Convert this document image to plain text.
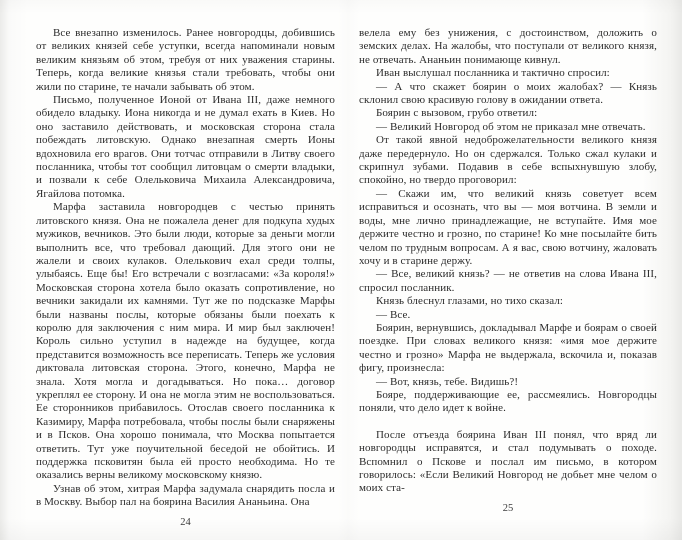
Все внезапно изменилось. Ранее новгородцы, добившись от великих князей себе уступки, всегда напоминали новым великим князьям об этом, требуя от них уважения старины. Теперь, когда великие князья стали требовать, чтобы они жили по старине, те начали забывать об этом.

Письмо, полученное Ионой от Ивана III, даже немного обидело владыку. Иона никогда и не думал ехать в Киев. Но оно заставило действовать, и московская сторона стала побеждать литовскую. Однако внезапная смерть Ионы вдохновила его врагов. Они тотчас отправили в Литву своего посланника, чтобы тот сообщил литовцам о смерти владыки, и позвали к себе Олельковича Михаила Александровича, Ягайлова потомка.

Марфа заставила новгородцев с честью принять литовского князя. Она не пожалела денег для подкупа худых мужиков, вечников. Это были люди, которые за деньги могли выполнить все, что требовал дающий. Для этого они не жалели и своих кулаков. Олелькович ехал среди толпы, улыбаясь. Еще бы! Его встречали с возгласами: «За короля!» Московская сторона хотела было оказать сопротивление, но вечники закидали их камнями. Тут же по подсказке Марфы были названы послы, которые обязаны были поехать к королю для заключения с ним мира. И мир был заключен! Король сильно уступил в надежде на будущее, когда представится возможность все переписать. Теперь же условия диктовала литовская сторона. Этого, конечно, Марфа не знала. Хотя могла и догадываться. Но пока… договор укреплял ее сторону. И она не могла этим не воспользоваться. Ее сторонников прибавилось. Отослав своего посланника к Казимиру, Марфа потребовала, чтобы послы были снаряжены и в Псков. Она хорошо понимала, что Москва попытается ответить. Тут уже поучительной беседой не обойтись. И поддержка псковитян была ей просто необходима. Но те оказались верны великому московскому князю.

Узнав об этом, хитрая Марфа задумала снарядить посла и в Москву. Выбор пал на боярина Василия Ананьина. Она

24

велела ему без унижения, с достоинством, доложить о земских делах. На жалобы, что поступали от великого князя, не отвечать. Ананьин понимающе кивнул.

Иван выслушал посланника и тактично спросил:

— А что скажет боярин о моих жалобах? — Князь склонил свою красивую голову в ожидании ответа.

Боярин с вызовом, грубо ответил:

— Великий Новгород об этом не приказал мне отвечать.

От такой явной недоброжелательности великого князя даже передернуло. Но он сдержался. Только сжал кулаки и скрипнул зубами. Подавив в себе вспыхнувшую злобу, спокойно, но твердо проговорил:

— Скажи им, что великий князь советует всем исправиться и осознать, что вы — моя вотчина. В земли и воды, мне лично принадлежащие, не вступайте. Имя мое держите честно и грозно, по старине! Ко мне посылайте бить челом по трудным вопросам. А я вас, свою вотчину, жаловать хочу и в старине держу.

— Все, великий князь? — не ответив на слова Ивана III, спросил посланник.

Князь блеснул глазами, но тихо сказал:

— Все.

Боярин, вернувшись, докладывал Марфе и боярам о своей поездке. При словах великого князя: «имя мое держите честно и грозно» Марфа не выдержала, вскочила и, показав фигу, произнесла:

— Вот, князь, тебе. Видишь?!

Бояре, поддерживающие ее, рассмеялись. Новгородцы поняли, что дело идет к войне.

После отъезда боярина Иван III понял, что вряд ли новгородцы исправятся, и стал подумывать о походе. Вспомнил о Пскове и послал им письмо, в котором говорилось: «Если Великий Новгород не добьет мне челом о моих ста-

25
